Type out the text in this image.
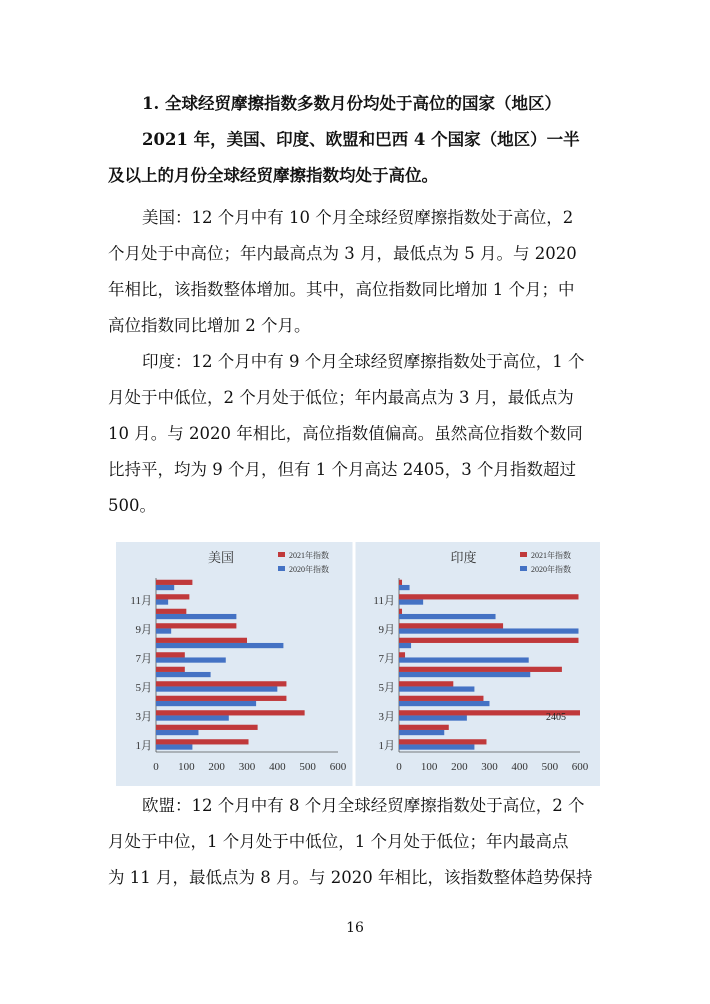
1. 全球经贸摩擦指数多数月份均处于高位的国家（地区）
2021 年，美国、印度、欧盟和巴西 4 个国家（地区）一半
及以上的月份全球经贸摩擦指数均处于高位。
美国：12 个月中有 10 个月全球经贸摩擦指数处于高位，2
个月处于中高位；年内最高点为 3 月，最低点为 5 月。与 2020
年相比，该指数整体增加。其中，高位指数同比增加 1 个月；中
高位指数同比增加 2 个月。
印度：12 个月中有 9 个月全球经贸摩擦指数处于高位，1 个
月处于中低位，2 个月处于低位；年内最高点为 3 月，最低点为
10 月。与 2020 年相比，高位指数值偏高。虽然高位指数个数同
比持平，均为 9 个月，但有 1 个月高达 2405，3 个月指数超过
500。
美国	2021年指数
2020年指数
1月
3月
5月
7月
9月
11月
0 100 200 300 400 500 600
印度	2021年指数
2020年指数
1月
3月
5月
7月
9月
11月
0 100 200 300 400 500 600
2405
欧盟：12 个月中有 8 个月全球经贸摩擦指数处于高位，2 个
月处于中位，1 个月处于中低位，1 个月处于低位；年内最高点
为 11 月，最低点为 8 月。与 2020 年相比，该指数整体趋势保持
16
